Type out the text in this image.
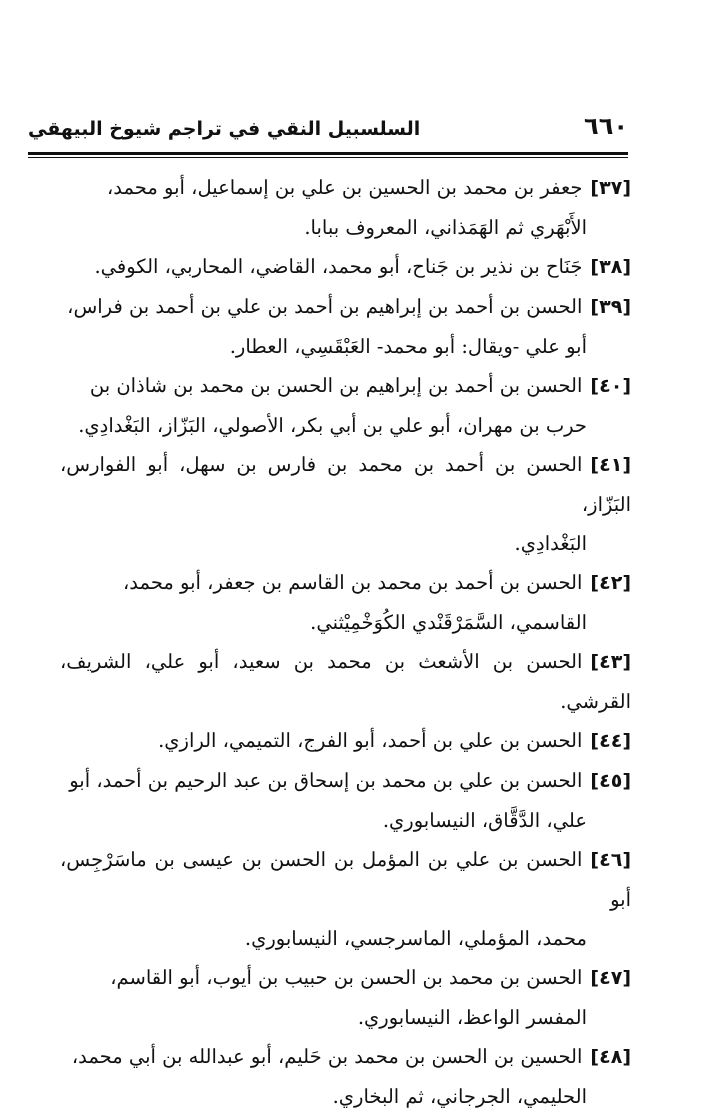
٦٦٠
السلسبيل النقي في تراجم شيوخ البيهقي
[٣٧]جعفر بن محمد بن الحسين بن علي بن إسماعيل، أبو محمد،
الأَبْهَري ثم الهَمَذاني، المعروف ببابا.
[٣٨]جَنَاح بن نذير بن جَناح، أبو محمد، القاضي، المحاربي، الكوفي.
[٣٩]الحسن بن أحمد بن إبراهيم بن أحمد بن علي بن أحمد بن فراس،
أبو علي -ويقال: أبو محمد- العَبْقَسِي، العطار.
[٤٠]الحسن بن أحمد بن إبراهيم بن الحسن بن محمد بن شاذان بن
حرب بن مهران، أبو علي بن أبي بكر، الأصولي، البَزّاز، البَغْدادِي.
[٤١]الحسن بن أحمد بن محمد بن فارس بن سهل، أبو الفوارس، البَزّاز،
البَغْدادِي.
[٤٢]الحسن بن أحمد بن محمد بن القاسم بن جعفر، أبو محمد،
القاسمي، السَّمَرْقَنْدي الكُوَخْمِيْثني.
[٤٣]الحسن بن الأشعث بن محمد بن سعيد، أبو علي، الشريف، القرشي.
[٤٤]الحسن بن علي بن أحمد، أبو الفرج، التميمي، الرازي.
[٤٥]الحسن بن علي بن محمد بن إسحاق بن عبد الرحيم بن أحمد، أبو
علي، الدَّقَّاق، النيسابوري.
[٤٦]الحسن بن علي بن المؤمل بن الحسن بن عيسى بن ماسَرْجِس، أبو
محمد، المؤملي، الماسرجسي، النيسابوري.
[٤٧]الحسن بن محمد بن الحسن بن حبيب بن أيوب، أبو القاسم،
المفسر الواعظ، النيسابوري.
[٤٨]الحسين بن الحسن بن محمد بن حَليم، أبو عبدالله بن أبي محمد،
الحليمي، الجرجاني، ثم البخاري.
